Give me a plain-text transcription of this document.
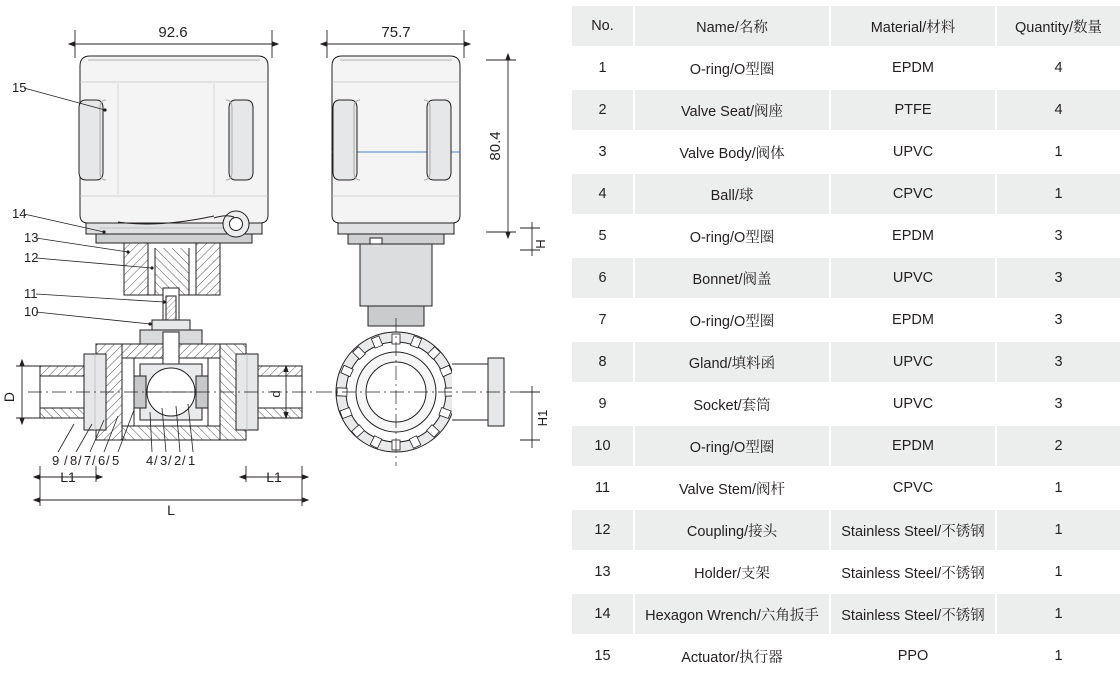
92.6
D	d
L1	L1
L
15
14
13
12
11
10
9 8 7 6 5 4 3 2 1
/ / / /	/ / /
75.7
80.4
H
H1
No.	Name/名称	Material/材料	Quantity/数量
1	O-ring/O型圈	EPDM	4
2	Valve Seat/阀座	PTFE	4
3	Valve Body/阀体	UPVC	1
4	Ball/球	CPVC	1
5	O-ring/O型圈	EPDM	3
6	Bonnet/阀盖	UPVC	3
7	O-ring/O型圈	EPDM	3
8	Gland/填料函	UPVC	3
9	Socket/套筒	UPVC	3
10	O-ring/O型圈	EPDM	2
11	Valve Stem/阀杆	CPVC	1
12	Coupling/接头	Stainless Steel/不锈钢	1
13	Holder/支架	Stainless Steel/不锈钢	1
14	Hexagon Wrench/六角扳手	Stainless Steel/不锈钢	1
15	Actuator/执行器	PPO	1
